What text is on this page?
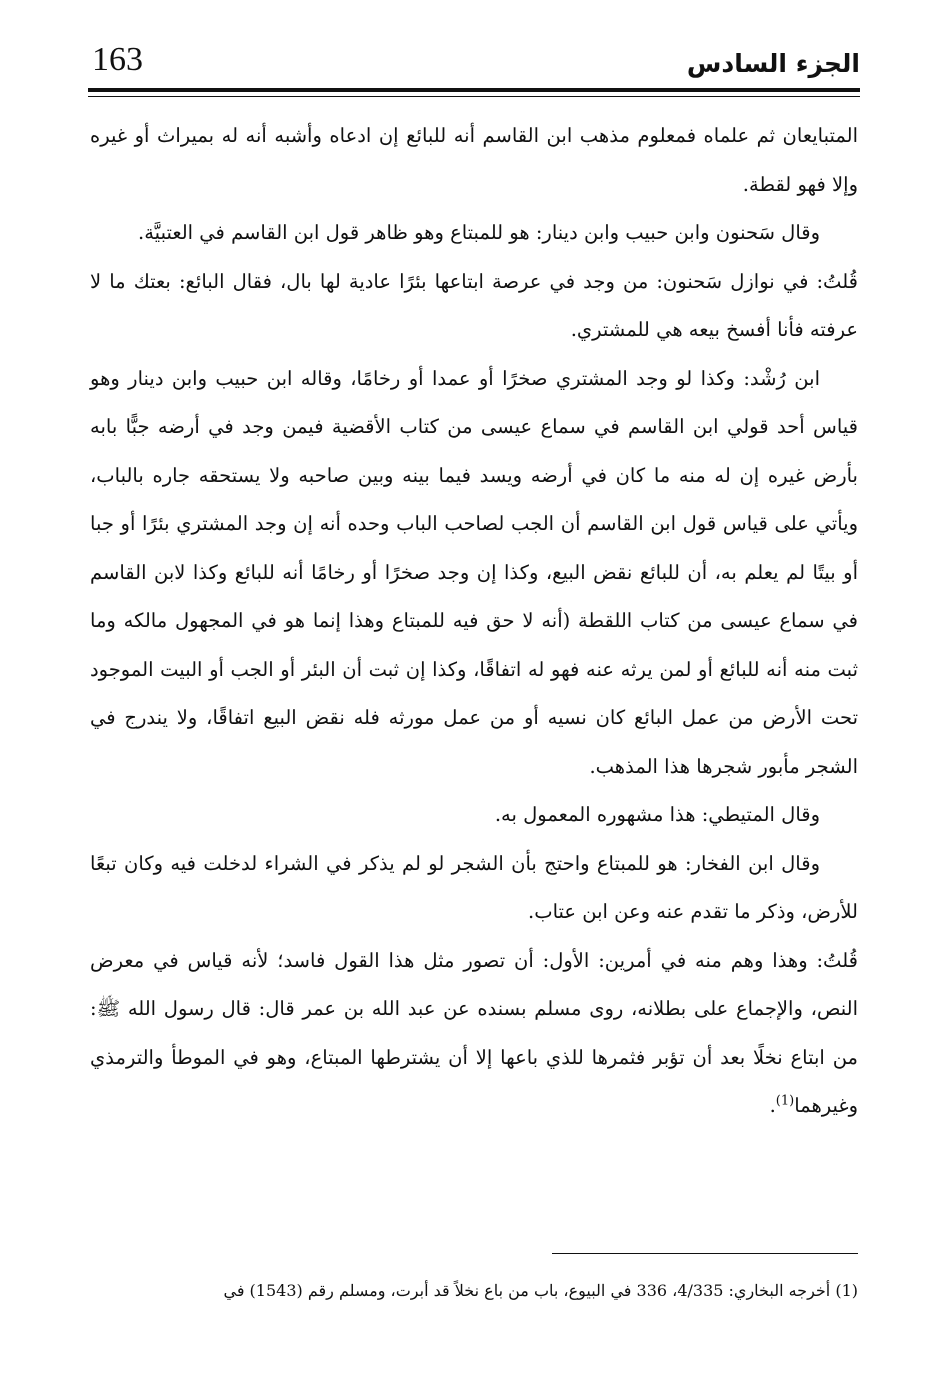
163	الجزء السادس

المتبايعان ثم علماه فمعلوم مذهب ابن القاسم أنه للبائع إن ادعاه وأشبه أنه له بميراث أو غيره وإلا فهو لقطة.

وقال سَحنون وابن حبيب وابن دينار: هو للمبتاع وهو ظاهر قول ابن القاسم في العتبيَّة.

قُلتُ: في نوازل سَحنون: من وجد في عرصة ابتاعها بئرًا عادية لها بال، فقال البائع: بعتك ما لا عرفته فأنا أفسخ بيعه هي للمشتري.

ابن رُشْد: وكذا لو وجد المشتري صخرًا أو عمدا أو رخامًا، وقاله ابن حبيب وابن دينار وهو قياس أحد قولي ابن القاسم في سماع عيسى من كتاب الأقضية فيمن وجد في أرضه جبًّا بابه بأرض غيره إن له منه ما كان في أرضه ويسد فيما بينه وبين صاحبه ولا يستحقه جاره بالباب، ويأتي على قياس قول ابن القاسم أن الجب لصاحب الباب وحده أنه إن وجد المشتري بئرًا أو جبا أو بيتًا لم يعلم به، أن للبائع نقض البيع، وكذا إن وجد صخرًا أو رخامًا أنه للبائع وكذا لابن القاسم في سماع عيسى من كتاب اللقطة (أنه لا حق فيه للمبتاع وهذا إنما هو في المجهول مالكه وما ثبت منه أنه للبائع أو لمن يرثه عنه فهو له اتفاقًا، وكذا إن ثبت أن البئر أو الجب أو البيت الموجود تحت الأرض من عمل البائع كان نسيه أو من عمل مورثه فله نقض البيع اتفاقًا، ولا يندرج في الشجر مأبور شجرها هذا المذهب.

وقال المتيطي: هذا مشهوره المعمول به.

وقال ابن الفخار: هو للمبتاع واحتج بأن الشجر لو لم يذكر في الشراء لدخلت فيه وكان تبعًا للأرض، وذكر ما تقدم عنه وعن ابن عتاب.

قُلتُ: وهذا وهم منه في أمرين: الأول: أن تصور مثل هذا القول فاسد؛ لأنه قياس في معرض النص، والإجماع على بطلانه، روى مسلم بسنده عن عبد الله بن عمر قال: قال رسول الله ﷺ: من ابتاع نخلًا بعد أن تؤبر فثمرها للذي باعها إلا أن يشترطها المبتاع، وهو في الموطأ والترمذي وغيرهما$^{(1)}$.

(1) أخرجه البخاري: 4/335، 336 في البيوع، باب من باع نخلاً قد أبرت، ومسلم رقم (1543) في
